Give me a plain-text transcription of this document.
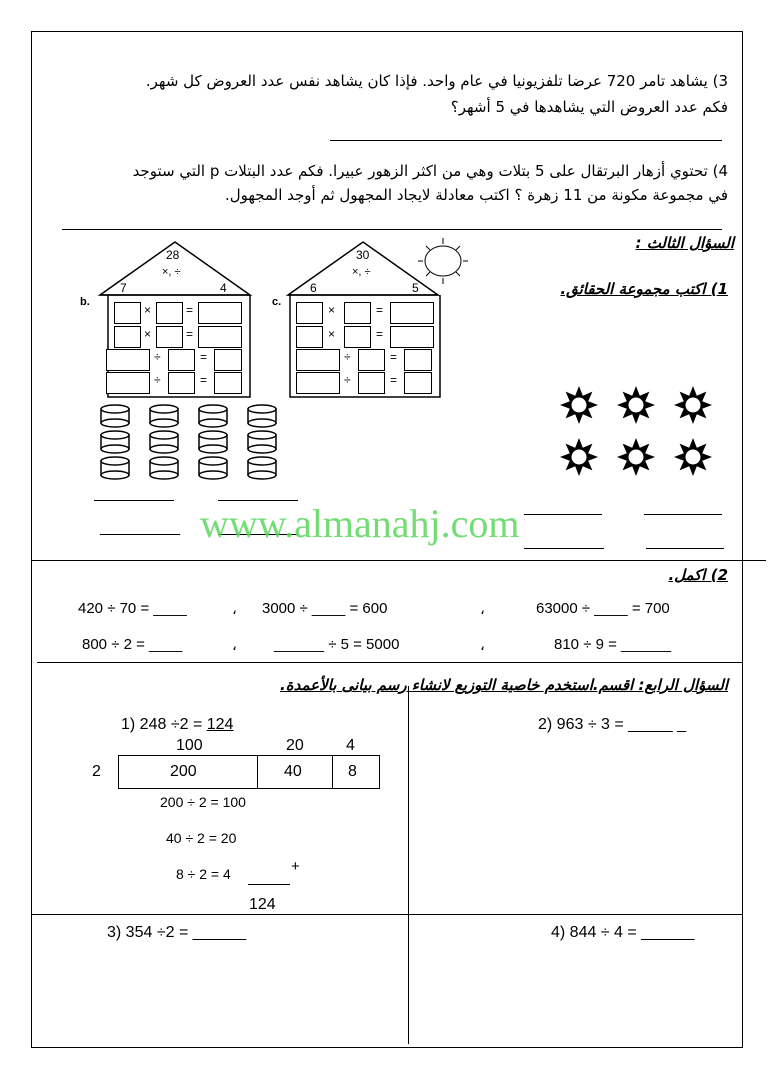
3) يشاهد تامر 720 عرضا تلفزيونيا في عام واحد. فإذا كان يشاهد نفس عدد العروض كل شهر.
فكم عدد العروض التي يشاهدها في 5 أشهر؟
4) تحتوي أزهار البرتقال على 5 بتلات وهي من اكثر الزهور عبيرا. فكم عدد البتلات p التي ستوجد
في مجموعة مكونة من 11 زهرة ؟ اكتب معادلة لايجاد المجهول ثم أوجد المجهول.
السؤال الثالث :
1) اكتب مجموعة الحقائق.
28
×, ÷
7	4
b.
×	=
×	=
÷	=
÷	=
30
×, ÷
6	5
c.
×	=
×	=
÷	=
÷	=
www.almanahj.com
2) اكمل.
420 ÷ 70 = ____	، 3000 ÷ ____ = 600	،	63000 ÷ ____ = 700
800 ÷ 2 = ____	، ______ ÷ 5 = 5000	،	810 ÷ 9 = ______
السؤال الرابع: اقسم.استخدم خاصية التوزيع لانشاء رسم بيانى بالأعمدة.
1) 248 ÷2 = 124
100	20	4
2	200	40	8
200 ÷ 2 = 100
40 ÷ 2 = 20
8 ÷ 2 = 4	+
124
2) 963 ÷ 3 = _____ _
3) 354 ÷2 = ______	4) 844 ÷ 4 = ______
